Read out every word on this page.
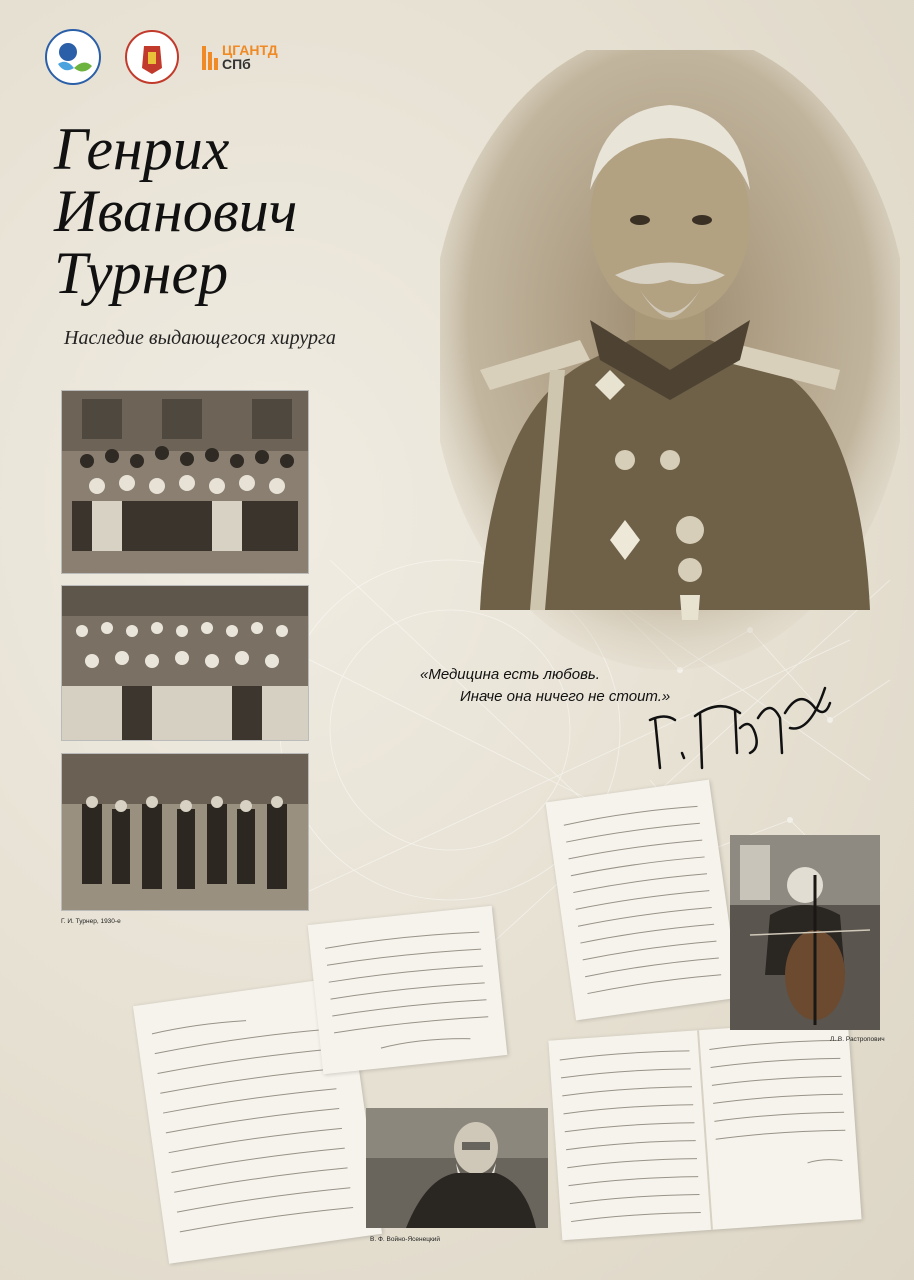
ЦГАНТД
СПб
Генрих
Иванович
Турнер
Наследие выдающегося хирурга
Г. И. Турнер, 1930-е
«Медицина есть любовь.
Иначе она ничего не стоит.»
Л. В. Растропович
В. Ф. Войно-Ясенецкий
